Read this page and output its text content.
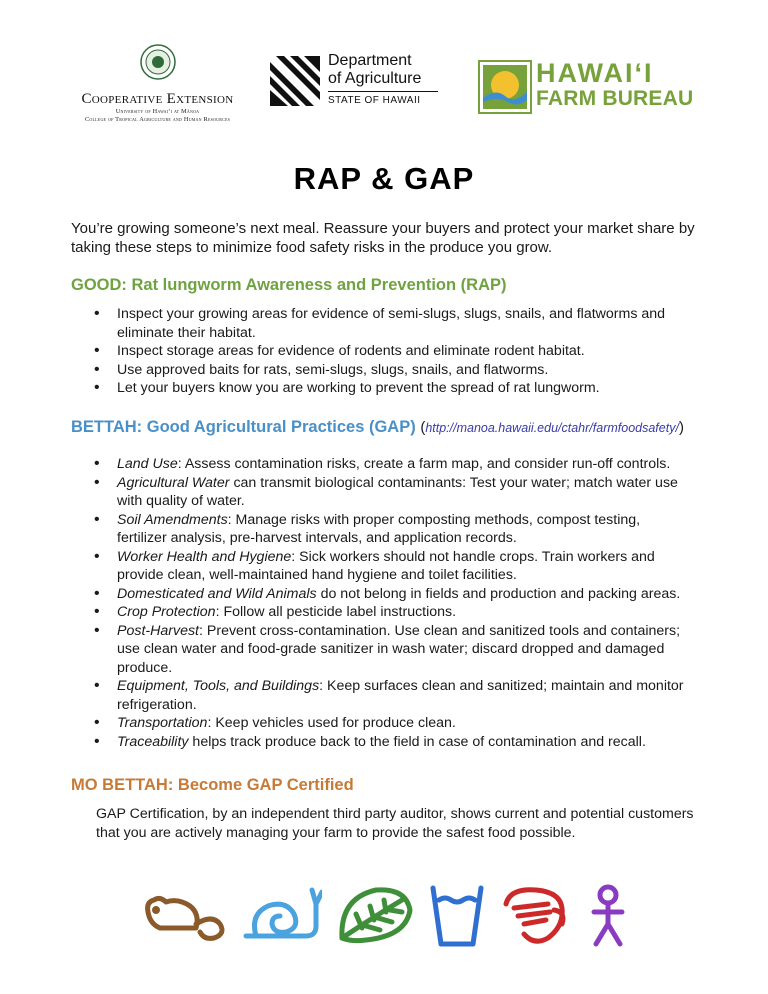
Cooperative Extension
University of Hawai‘i at Mānoa
College of Tropical Agriculture and Human Resources
Department
of Agriculture
STATE OF HAWAII
HAWAI‘I
FARM BUREAU
RAP & GAP
You’re growing someone’s next meal. Reassure your buyers and protect your market share by taking these steps to minimize food safety risks in the produce you grow.
GOOD: Rat lungworm Awareness and Prevention (RAP)
• Inspect your growing areas for evidence of semi-slugs, slugs, snails, and flatworms and eliminate their habitat.
• Inspect storage areas for evidence of rodents and eliminate rodent habitat.
• Use approved baits for rats, semi-slugs, slugs, snails, and flatworms.
• Let your buyers know you are working to prevent the spread of rat lungworm.
BETTAH: Good Agricultural Practices (GAP) (http://manoa.hawaii.edu/ctahr/farmfoodsafety/)
• Land Use: Assess contamination risks, create a farm map, and consider run-off controls.
• Agricultural Water can transmit biological contaminants: Test your water; match water use with quality of water.
• Soil Amendments: Manage risks with proper composting methods, compost testing, fertilizer analysis, pre-harvest intervals, and application records.
• Worker Health and Hygiene: Sick workers should not handle crops. Train workers and provide clean, well-maintained hand hygiene and toilet facilities.
• Domesticated and Wild Animals do not belong in fields and production and packing areas.
• Crop Protection: Follow all pesticide label instructions.
• Post-Harvest: Prevent cross-contamination. Use clean and sanitized tools and containers; use clean water and food-grade sanitizer in wash water; discard dropped and damaged produce.
• Equipment, Tools, and Buildings: Keep surfaces clean and sanitized; maintain and monitor refrigeration.
• Transportation: Keep vehicles used for produce clean.
• Traceability helps track produce back to the field in case of contamination and recall.
MO BETTAH: Become GAP Certified
GAP Certification, by an independent third party auditor, shows current and potential customers that you are actively managing your farm to provide the safest food possible.
